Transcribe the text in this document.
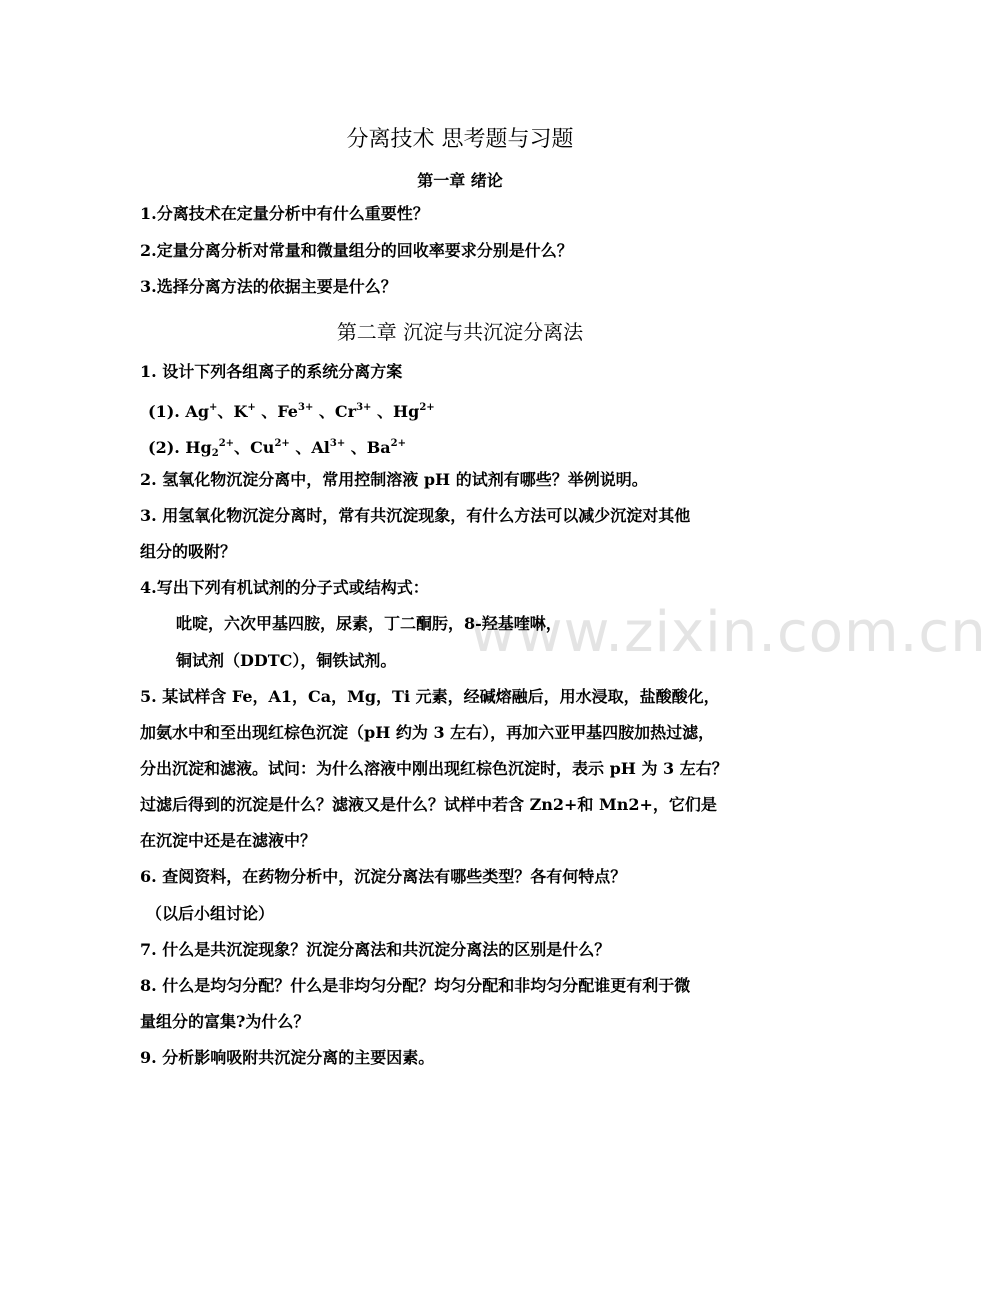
www.zixin.com.cn
分离技术 思考题与习题
第一章 绪论
1.分离技术在定量分析中有什么重要性？
2.定量分离分析对常量和微量组分的回收率要求分别是什么？
3.选择分离方法的依据主要是什么？
第二章 沉淀与共沉淀分离法
1. 设计下列各组离子的系统分离方案
(1). Ag+、K+ 、$Fe^{3+}$ 、$Cr^{3+}$ 、$Hg^{2+}$
(2). $Hg_2^{2+}$、$Cu^{2+}$ 、$Al^{3+}$ 、$Ba^{2+}$
2. 氢氧化物沉淀分离中，常用控制溶液 pH 的试剂有哪些？举例说明。
3. 用氢氧化物沉淀分离时，常有共沉淀现象，有什么方法可以减少沉淀对其他
组分的吸附？
4.写出下列有机试剂的分子式或结构式：
吡啶，六次甲基四胺，尿素，丁二酮肟，8-羟基喹啉，
铜试剂（DDTC），铜铁试剂。
5. 某试样含 Fe，A1，Ca，Mg，Ti 元素，经碱熔融后，用水浸取，盐酸酸化，
加氨水中和至出现红棕色沉淀（pH 约为 3 左右），再加六亚甲基四胺加热过滤，
分出沉淀和滤液。试问：为什么溶液中刚出现红棕色沉淀时，表示 pH 为 3 左右？
过滤后得到的沉淀是什么？滤液又是什么？试样中若含 Zn2+和 Mn2+，它们是
在沉淀中还是在滤液中？
6. 查阅资料，在药物分析中，沉淀分离法有哪些类型？各有何特点？
（以后小组讨论）
7. 什么是共沉淀现象？沉淀分离法和共沉淀分离法的区别是什么？
8. 什么是均匀分配？什么是非均匀分配？均匀分配和非均匀分配谁更有利于微
量组分的富集?为什么？
9. 分析影响吸附共沉淀分离的主要因素。
